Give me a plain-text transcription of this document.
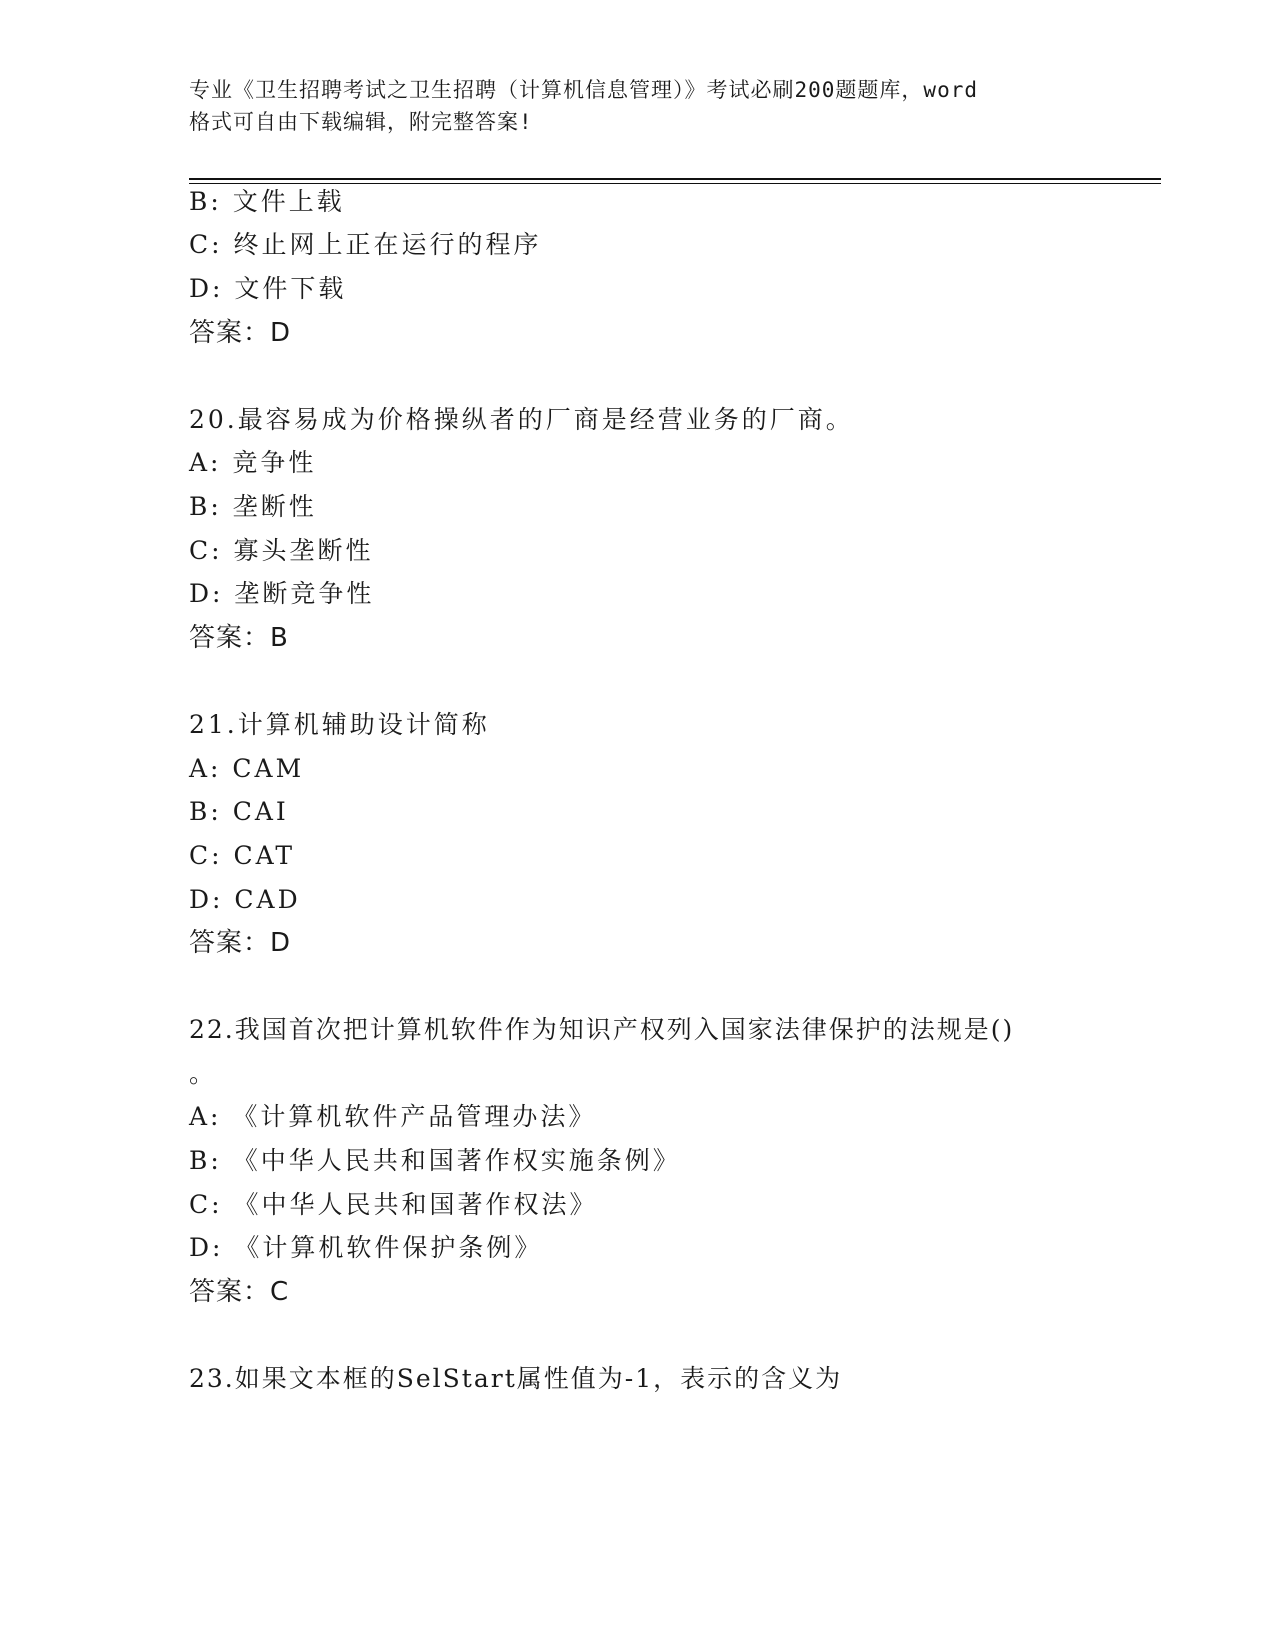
专业《卫生招聘考试之卫生招聘（计算机信息管理）》考试必刷200题题库，word
格式可自由下载编辑，附完整答案!
B: 文件上载
C: 终止网上正在运行的程序
D: 文件下载
答案：D
20.最容易成为价格操纵者的厂商是经营业务的厂商。
A: 竞争性
B: 垄断性
C: 寡头垄断性
D: 垄断竞争性
答案：B
21.计算机辅助设计简称
A: CAM
B: CAI
C: CAT
D: CAD
答案：D
22.我国首次把计算机软件作为知识产权列入国家法律保护的法规是()
。
A: 《计算机软件产品管理办法》
B: 《中华人民共和国著作权实施条例》
C: 《中华人民共和国著作权法》
D: 《计算机软件保护条例》
答案：C
23.如果文本框的SelStart属性值为-1，表示的含义为
